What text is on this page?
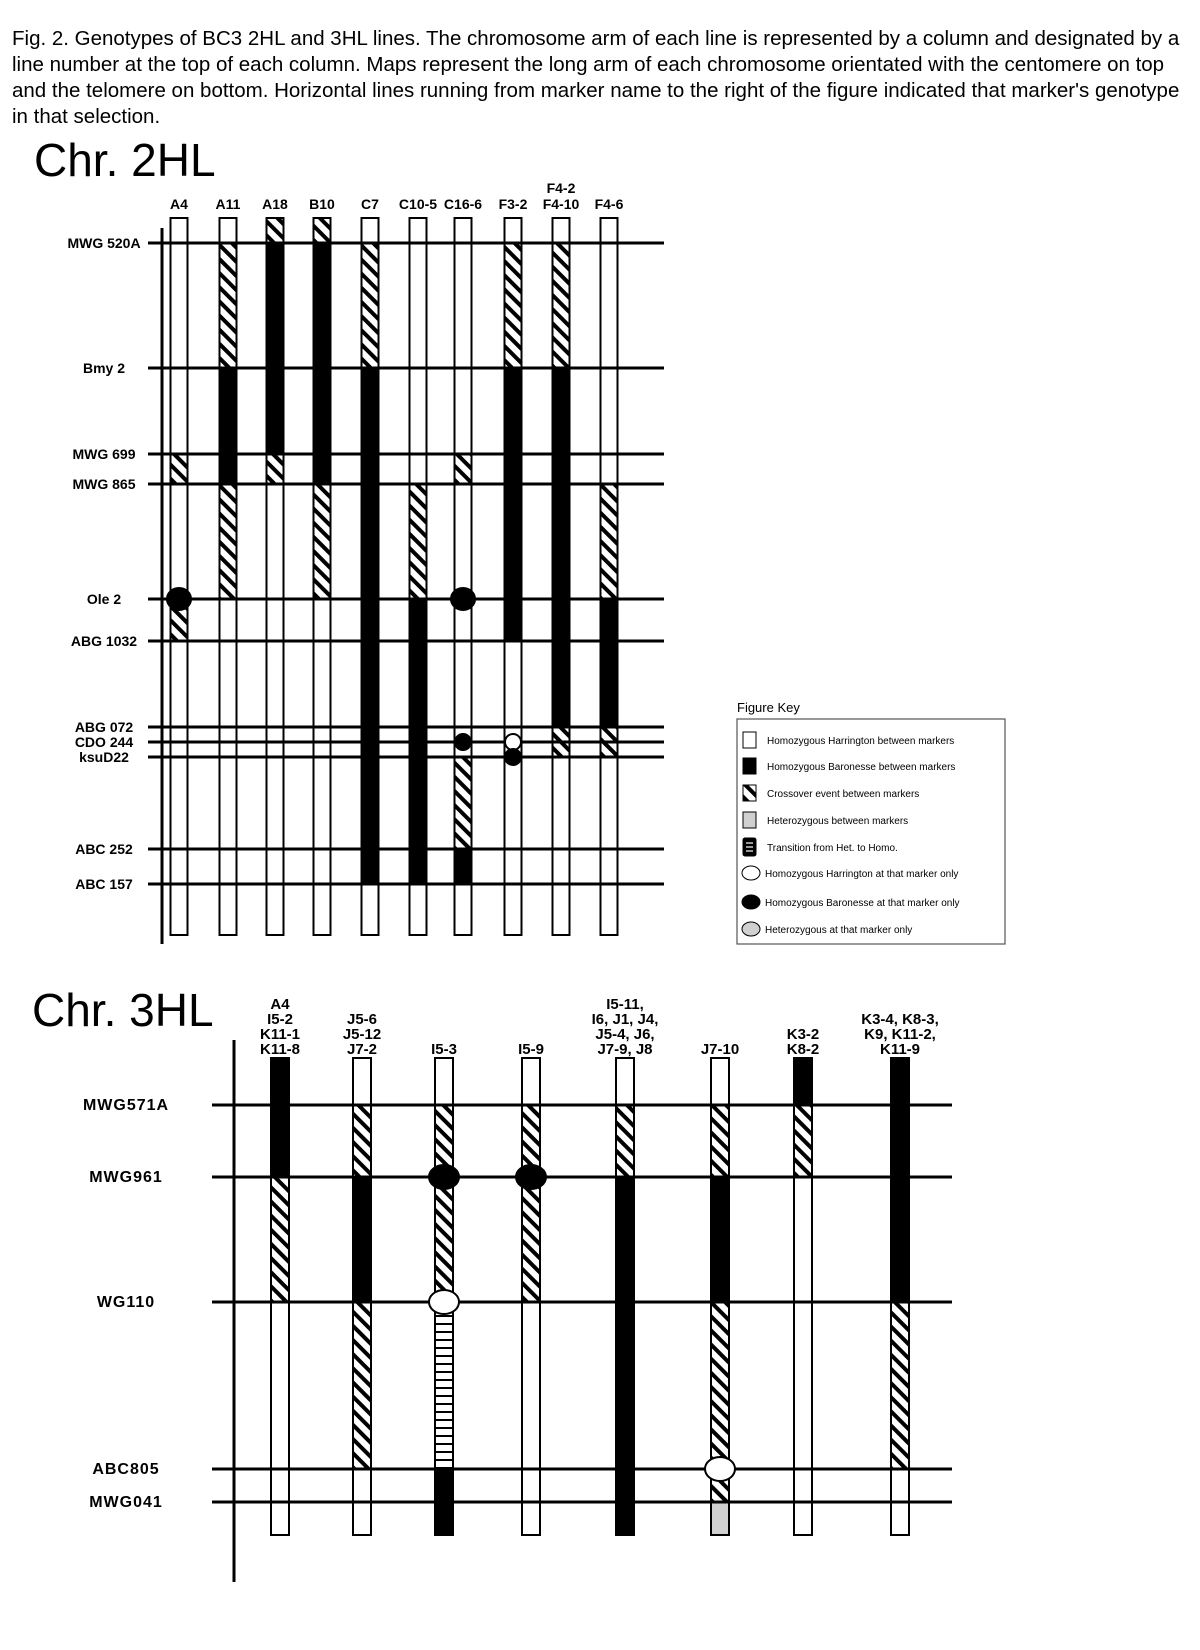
Fig. 2. Genotypes of BC3 2HL and 3HL lines. The chromosome arm of each line is represented by a column and designated by a line number at the top of each column. Maps represent the long arm of each chromosome orientated with the centomere on top and the telomere on bottom. Horizontal lines running from marker name to the right of the figure indicated that marker's genotype in that selection.

Chr. 2HL
A4 A11 A18 B10 C7 C10-5 C16-6 F3-2
F4-2
F4-10 F4-6
MWG 520A
Bmy 2
MWG 699
MWG 865
Ole 2
ABG 1032
ABG 072
CDO 244
ksuD22
ABC 252
ABC 157
Chr. 3HL	A4
I5-2
K11-1
K11-8
J5-6
J5-12
J7-2	I5-3	I5-9
I5-11,
I6, J1, J4,
J5-4, J6,
J7-9, J8	J7-10
K3-2
K8-2
K3-4, K8-3,
K9, K11-2,
K11-9
MWG571A
MWG961
WG110
ABC805
MWG041
Figure Key
Homozygous Harrington between markers
Homozygous Baronesse between markers
Crossover event between markers
Heterozygous between markers
Transition from Het. to Homo.
Homozygous Harrington at that marker only
Homozygous Baronesse at that marker only
Heterozygous at that marker only
